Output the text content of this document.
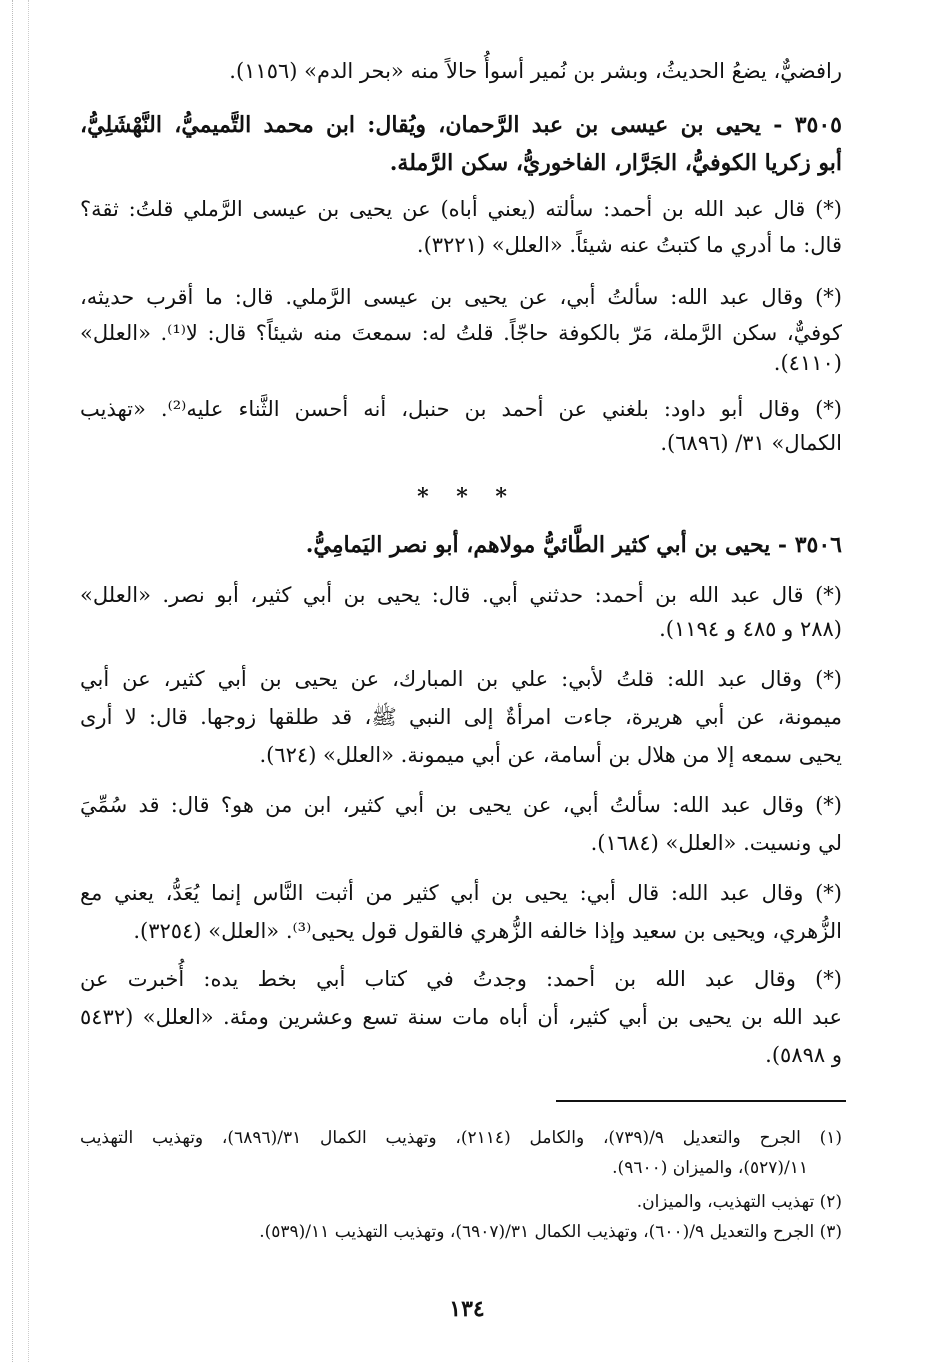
رافضيٌّ، يضعُ الحديثُ، وبشر بن نُمير أسوأُ حالاً منه «بحر الدم» (١١٥٦).
٣٥٠٥ - يحيى بن عيسى بن عبد الرَّحمان، ويُقال: ابن محمد التَّميميُّ، النَّهْشَلِيُّ،
أبو زكريا الكوفيُّ، الجَرَّار، الفاخوريُّ، سكن الرَّملة.
(*) قال عبد الله بن أحمد: سألته (يعني أباه) عن يحيى بن عيسى الرَّملي قلتُ: ثقة؟
قال: ما أدري ما كتبتُ عنه شيئاً. «العلل» (٣٢٢١).
(*) وقال عبد الله: سألتُ أبي، عن يحيى بن عيسى الرَّملي. قال: ما أقرب حديثه،
كوفيٌّ، سكن الرَّملة، مَرّ بالكوفة حاجّاً. قلتُ له: سمعتَ منه شيئاً؟ قال: لا⁽¹⁾. «العلل»
(٤١١٠).
(*) وقال أبو داود: بلغني عن أحمد بن حنبل، أنه أحسن الثَّناء عليه⁽²⁾. «تهذيب
الكمال» ٣١/ (٦٨٩٦).
* * *
٣٥٠٦ - يحيى بن أبي كثير الطَّائيُّ مولاهم، أبو نصر اليَمامِيُّ.
(*) قال عبد الله بن أحمد: حدثني أبي. قال: يحيى بن أبي كثير، أبو نصر. «العلل»
(٢٨٨ و ٤٨٥ و ١١٩٤).
(*) وقال عبد الله: قلتُ لأبي: علي بن المبارك، عن يحيى بن أبي كثير، عن أبي
ميمونة، عن أبي هريرة، جاءت امرأةٌ إلى النبي ﷺ، قد طلقها زوجها. قال: لا أرى
يحيى سمعه إلا من هلال بن أسامة، عن أبي ميمونة. «العلل» (٦٢٤).
(*) وقال عبد الله: سألتُ أبي، عن يحيى بن أبي كثير، ابن من هو؟ قال: قد سُمِّيَ
لي ونسيت. «العلل» (١٦٨٤).
(*) وقال عبد الله: قال أبي: يحيى بن أبي كثير من أثبت النَّاس إنما يُعَدُّ، يعني مع
الزُّهري، ويحيى بن سعيد وإذا خالفه الزُّهري فالقول قول يحيى⁽³⁾. «العلل» (٣٢٥٤).
(*) وقال عبد الله بن أحمد: وجدتُ في كتاب أبي بخط يده: أُخبرت عن
عبد الله بن يحيى بن أبي كثير، أن أباه مات سنة تسع وعشرين ومئة. «العلل» (٥٤٣٢
و ٥٨٩٨).
(١) الجرح والتعديل ٩/(٧٣٩)، والكامل (٢١١٤)، وتهذيب الكمال ٣١/(٦٨٩٦)، وتهذيب التهذيب
١١/(٥٢٧)، والميزان (٩٦٠٠).
(٢) تهذيب التهذيب، والميزان.
(٣) الجرح والتعديل ٩/(٦٠٠)، وتهذيب الكمال ٣١/(٦٩٠٧)، وتهذيب التهذيب ١١/(٥٣٩).
١٣٤
